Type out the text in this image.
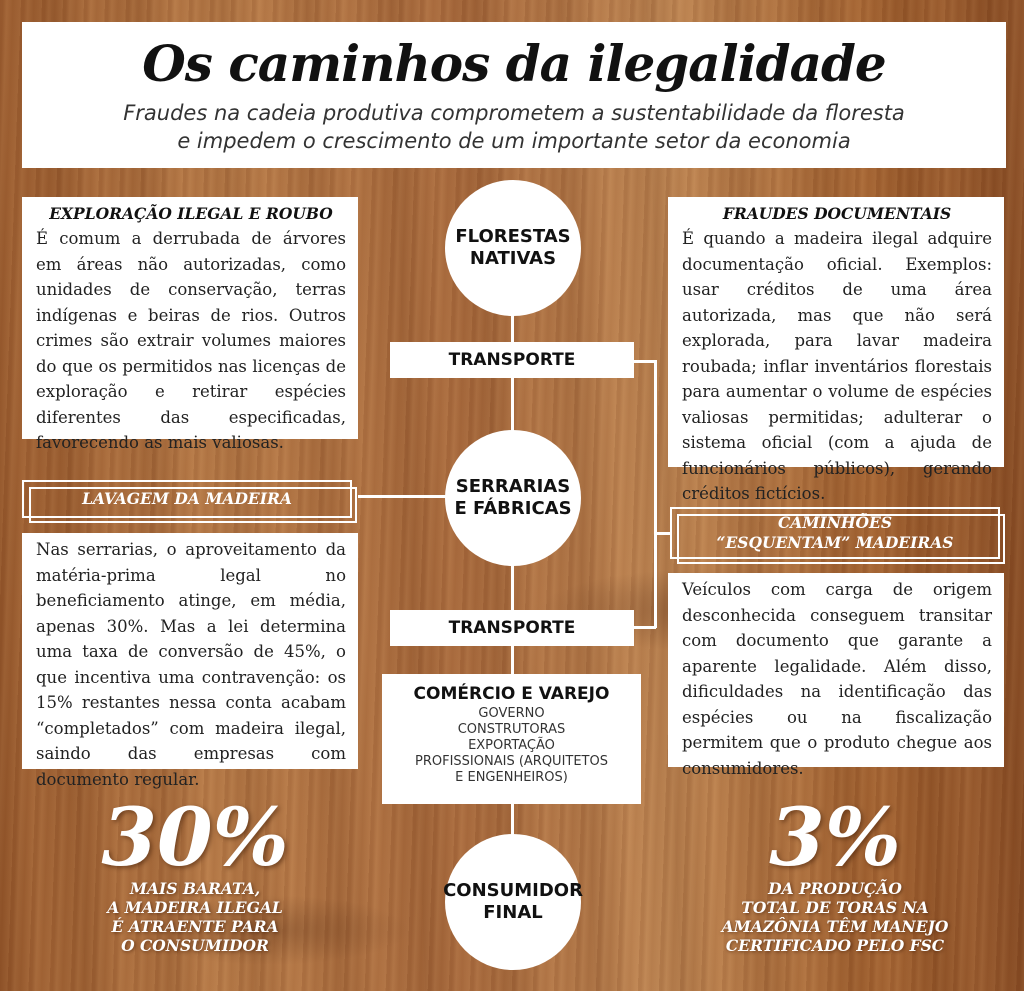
Os caminhos da ilegalidade
Fraudes na cadeia produtiva comprometem a sustentabilidade da floresta
e impedem o crescimento de um importante setor da economia
EXPLORAÇÃO ILEGAL E ROUBO
É comum a derrubada de árvores em áreas não autorizadas, como unidades de conservação, terras indígenas e beiras de rios. Outros crimes são extrair volumes maiores do que os permitidos nas licenças de exploração e retirar espécies diferentes das especificadas, favorecendo as mais valiosas.
LAVAGEM DA MADEIRA
Nas serrarias, o aproveitamento da matéria-prima legal no beneficiamento atinge, em média, apenas 30%. Mas a lei determina uma taxa de conversão de 45%, o que incentiva uma contravenção: os 15% restantes nessa conta acabam “completados” com madeira ilegal, saindo das empresas com documento regular.
FRAUDES DOCUMENTAIS
É quando a madeira ilegal adquire documentação oficial. Exemplos: usar créditos de uma área autorizada, mas que não será explorada, para lavar madeira roubada; inflar inventários florestais para aumentar o volume de espécies valiosas permitidas; adulterar o sistema oficial (com a ajuda de funcionários públicos), gerando créditos fictícios.
CAMINHÕES
“ESQUENTAM” MADEIRAS
Veículos com carga de origem desconhecida conseguem transitar com documento que garante a aparente legalidade. Além disso, dificuldades na identificação das espécies ou na fiscalização permitem que o produto chegue aos consumidores.
FLORESTAS
NATIVAS
TRANSPORTE
SERRARIAS
E FÁBRICAS
TRANSPORTE
COMÉRCIO E VAREJO
GOVERNO
CONSTRUTORAS
EXPORTAÇÃO
PROFISSIONAIS (ARQUITETOS
E ENGENHEIROS)
CONSUMIDOR
FINAL
30%
MAIS BARATA,
A MADEIRA ILEGAL
É ATRAENTE PARA
O CONSUMIDOR
3%
DA PRODUÇÃO
TOTAL DE TORAS NA
AMAZÔNIA TÊM MANEJO
CERTIFICADO PELO FSC
